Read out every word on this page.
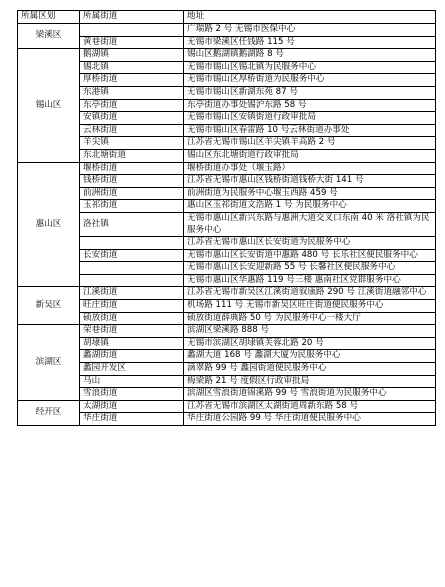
所属区划	所属街道	地址
梁溪区		广瑞路 2 号 无锡市医保中心
	黄巷街道	无锡市梁溪区任钱路 115 号
锡山区	鹅湖镇	锡山区鹅湖镇鹅湖路 8 号
	锡北镇	无锡市锡山区锡北镇为民服务中心
	厚桥街道	无锡市锡山区厚桥街道为民服务中心
	东港镇	无锡市锡山区新湖东苑 87 号
	东亭街道	东亭街道办事处锡沪东路 58 号
	安镇街道	无锡市锡山区安镇街道行政审批局
	云林街道	无锡市锡山区春雷路 10 号云林街道办事处
	羊尖镇	江苏省无锡市锡山区羊尖镇羊高路 2 号
	东北塘街道	锡山区东北塘街道行政审批局
惠山区	堰桥街道	堰桥街道办事处（堰玉路）
	钱桥街道	江苏省无锡市惠山区钱桥街道钱桥大街 141 号
	前洲街道	前洲街道为民服务中心堰玉西路 459 号
	玉祁街道	惠山区玉祁街道文浩路 1 号 为民服务中心
	洛社镇	无锡市惠山区新兴东路与惠洲大道交叉口东南 40 米 洛社镇为民服务中心
		江苏省无锡市惠山区长安街道为民服务中心
	长安街道	无锡市惠山区长安街道中惠路 480 号 长乐社区便民服务中心
		无锡市惠山区长安迎新路 55 号 长馨社区便民服务中心
		无锡市惠山区华惠路 119 号三楼 惠南社区党群服务中心
新吴区	江溪街道	江苏省无锡市新吴区江溪街道叙康路 290 号 江溪街道融邻中心
	旺庄街道	机场路 111 号 无锡市新吴区旺庄街道便民服务中心
	硕放街道	硕放街道薛典路 50 号 为民服务中心一楼大厅
滨湖区	荣巷街道	滨湖区梁溪路 888 号
	胡埭镇	无锡市滨湖区胡埭镇芙蓉北路 20 号
	蠡湖街道	蠡湖大道 168 号 蠡湖大厦为民服务中心
	蠡园开发区	滴翠路 99 号 蠡园街道便民服务中心
	马山	梅梁路 21 号 度假区行政审批局
	雪浪街道	滨湖区雪浪街道锦溪路 99 号 雪浪街道为民服务中心
经开区	太湖街道	江苏省无锡市滨湖区太湖街道周新东路 58 号
	华庄街道	华庄街道公园路 99 号 华庄街道便民服务中心
